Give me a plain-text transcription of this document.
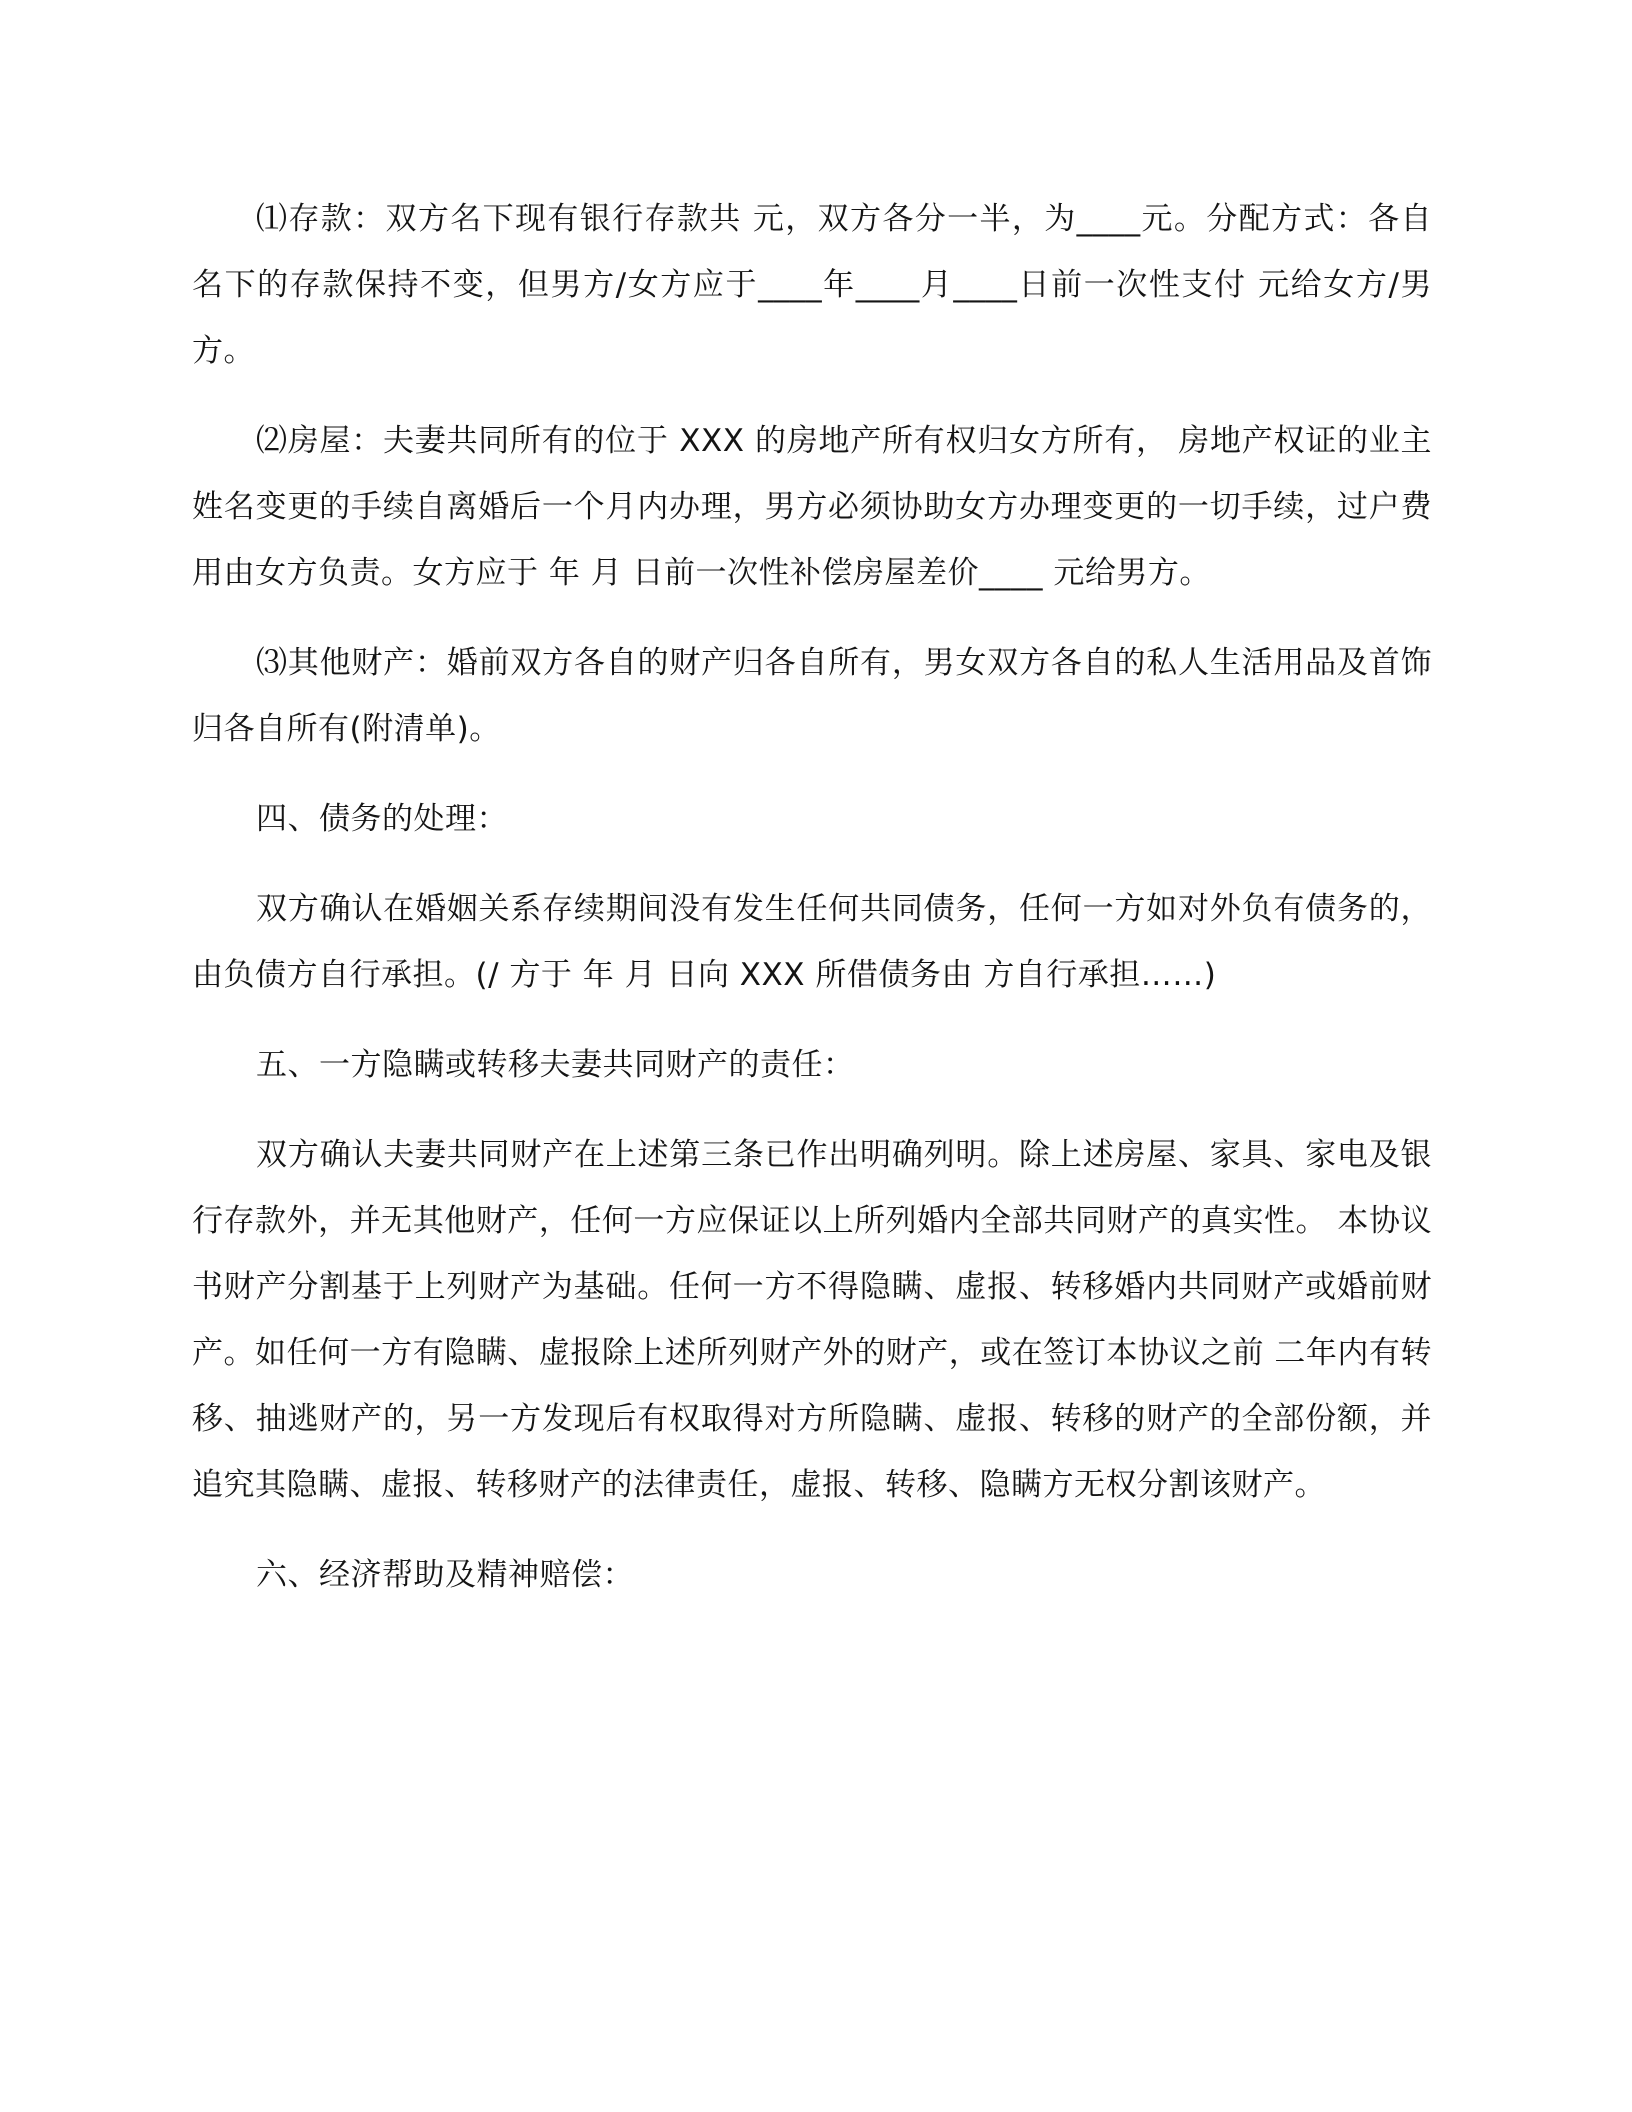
⑴存款：双方名下现有银行存款共 元，双方各分一半，为____元。分配方式：各自名下的存款保持不变，但男方/女方应于____年____月____日前一次性支付 元给女方/男方。

⑵房屋：夫妻共同所有的位于 XXX 的房地产所有权归女方所有， 房地产权证的业主姓名变更的手续自离婚后一个月内办理，男方必须协助女方办理变更的一切手续，过户费用由女方负责。女方应于 年 月 日前一次性补偿房屋差价____ 元给男方。

⑶其他财产：婚前双方各自的财产归各自所有，男女双方各自的私人生活用品及首饰归各自所有(附清单)。

四、债务的处理：

双方确认在婚姻关系存续期间没有发生任何共同债务，任何一方如对外负有债务的，由负债方自行承担。(/ 方于 年 月 日向 XXX 所借债务由 方自行承担……)

五、一方隐瞒或转移夫妻共同财产的责任：

双方确认夫妻共同财产在上述第三条已作出明确列明。除上述房屋、家具、家电及银行存款外，并无其他财产，任何一方应保证以上所列婚内全部共同财产的真实性。 本协议书财产分割基于上列财产为基础。任何一方不得隐瞒、虚报、转移婚内共同财产或婚前财产。如任何一方有隐瞒、虚报除上述所列财产外的财产，或在签订本协议之前 二年内有转移、抽逃财产的，另一方发现后有权取得对方所隐瞒、虚报、转移的财产的全部份额，并追究其隐瞒、虚报、转移财产的法律责任，虚报、转移、隐瞒方无权分割该财产。

六、经济帮助及精神赔偿：
